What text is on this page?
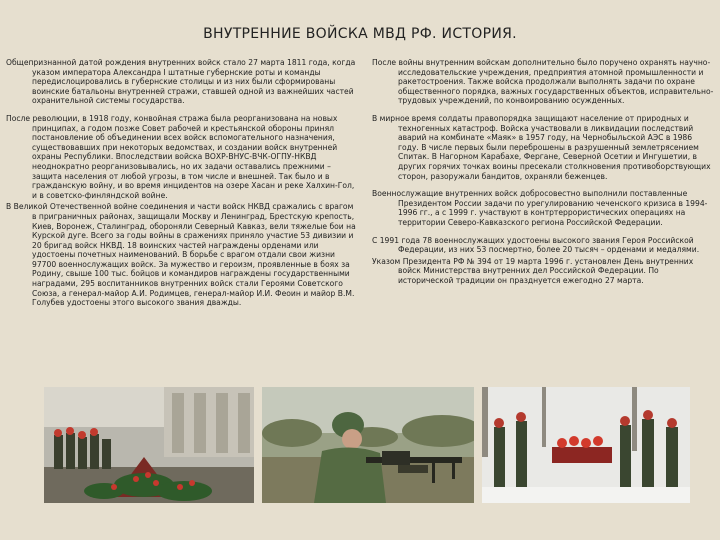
ВНУТРЕННИЕ ВОЙСКА МВД РФ. ИСТОРИЯ.

Общепризнанной датой рождения внутренних войск стало 27 марта 1811 года, когда указом императора Александра I штатные губернские роты и команды передислоцировались в губернские столицы и из них были сформированы воинские батальоны внутренней стражи, ставшей одной из важнейших частей охранительной системы государства.

После революции, в 1918 году, конвойная стража была реорганизована на новых принципах, а годом позже Совет рабочей и крестьянской обороны принял постановление об объединении всех войск вспомогательного назначения, существовавших при некоторых ведомствах, и создании войск внутренней охраны Республики. Впоследствии войска ВОХР-ВНУС-ВЧК-ОГПУ-НКВД неоднократно реорганизовывались, но их задачи оставались прежними – защита населения от любой угрозы, в том числе и внешней. Так было и в гражданскую войну, и во время инцидентов на озере Хасан и реке Халхин-Гол, и в советско-финляндской войне.

В Великой Отечественной войне соединения и части войск НКВД сражались с врагом в приграничных районах, защищали Москву и Ленинград, Брестскую крепость, Киев, Воронеж, Сталинград, обороняли Северный Кавказ, вели тяжелые бои на Курской дуге. Всего за годы войны в сражениях приняло участие 53 дивизии и 20 бригад войск НКВД. 18 воинских частей награждены орденами или удостоены почетных наименований. В борьбе с врагом отдали свои жизни 97700 военнослужащих войск. За мужество и героизм, проявленные в боях за Родину, свыше 100 тыс. бойцов и командиров награждены государственными наградами, 295 воспитанников внутренних войск стали Героями Советского Союза, а генерал-майор А.И. Родимцев, генерал-майор И.И. Феоин и майор В.М. Голубев удостоены этого высокого звания дважды.

После войны внутренним войскам дополнительно было поручено охранять научно-исследовательские учреждения, предприятия атомной промышленности и ракетостроения. Также войска продолжали выполнять задачи по охране общественного порядка, важных государственных объектов, исправительно-трудовых учреждений, по конвоированию осужденных.

В мирное время солдаты правопорядка защищают население от природных и техногенных катастроф. Войска участвовали в ликвидации последствий аварий на комбинате «Маяк» в 1957 году, на Чернобыльской АЭС в 1986 году. В числе первых были переброшены в разрушенный землетрясением Спитак. В Нагорном Карабахе, Фергане, Северной Осетии и Ингушетии, в других горячих точках воины пресекали столкновения противоборствующих сторон, разоружали бандитов, охраняли беженцев.

Военнослужащие внутренних войск добросовестно выполнили поставленные Президентом России задачи по урегулированию чеченского кризиса в 1994-1996 гг., а с 1999 г. участвуют в контртеррористических операциях на территории Северо-Кавказского региона Российской Федерации.

С 1991 года 78 военнослужащих удостоены высокого звания Героя Российской Федерации, из них 53 посмертно, более 20 тысяч – орденами и медалями.

Указом Президента РФ № 394 от 19 марта 1996 г. установлен День внутренних войск Министерства внутренних дел Российской Федерации. По исторической традиции он празднуется ежегодно 27 марта.
